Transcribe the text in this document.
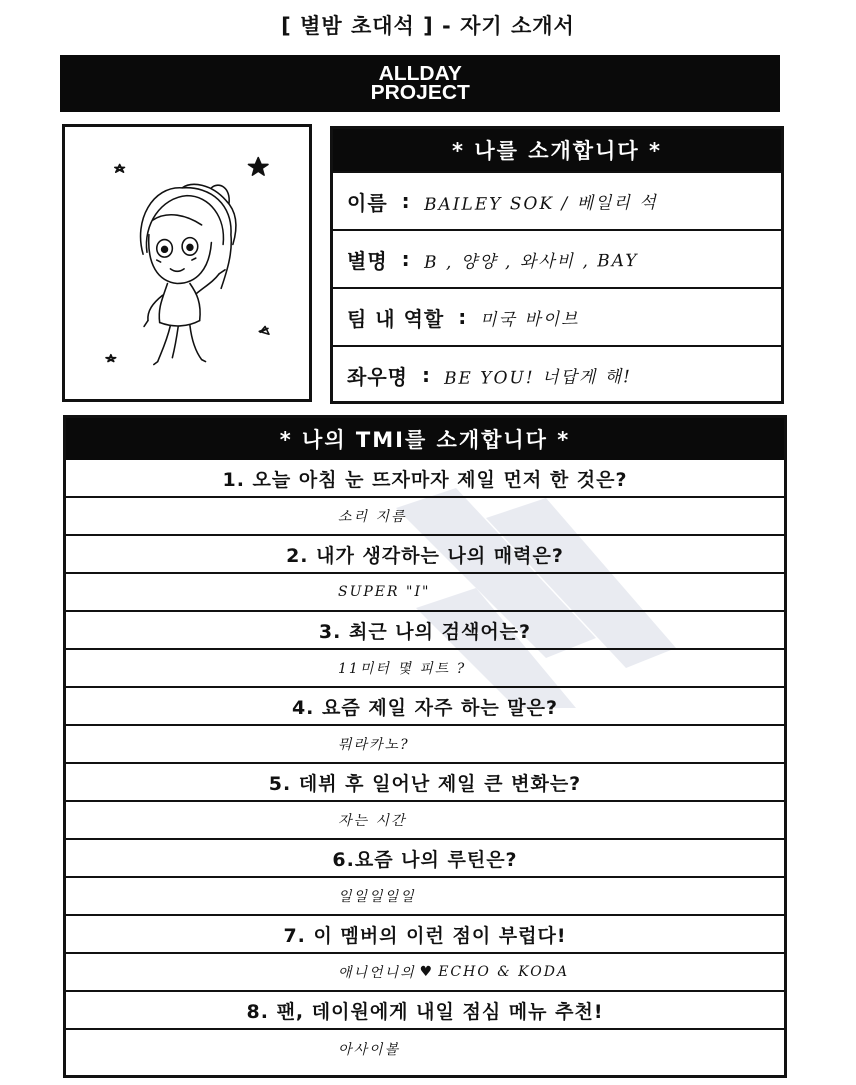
[ 별밤 초대석 ] - 자기 소개서
ALLDAY
PROJECT
* 나를 소개합니다 *
이름 : BAILEY SOK / 베일리 석
별명 : B , 양양 , 와사비 , BAY
팀 내 역할 : 미국 바이브
좌우명 : BE YOU! 너답게 해!
* 나의 TMI를 소개합니다 *
1. 오늘 아침 눈 뜨자마자 제일 먼저 한 것은?
소리 지름
2. 내가 생각하는 나의 매력은?
SUPER "I"
3. 최근 나의 검색어는?
11미터 몇 피트 ?
4. 요즘 제일 자주 하는 말은?
뭐라카노?
5. 데뷔 후 일어난 제일 큰 변화는?
자는 시간
6.요즘 나의 루틴은?
일일일일일
7. 이 멤버의 이런 점이 부럽다!
애니언니의 ♥ ECHO & KODA
8. 팬, 데이원에게 내일 점심 메뉴 추천!
아사이볼
